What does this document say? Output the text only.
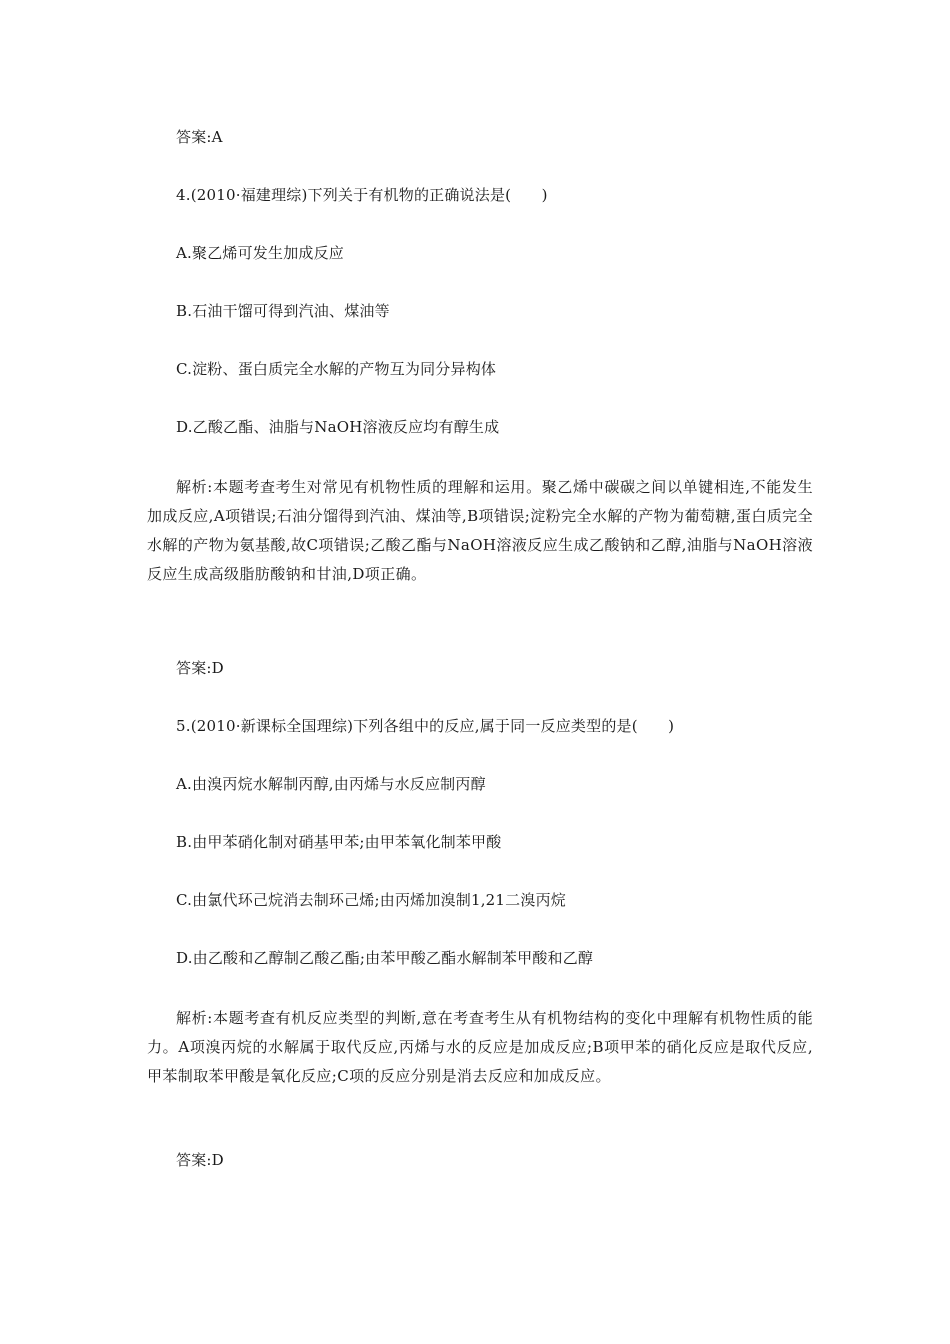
答案:A
4.(2010·福建理综)下列关于有机物的正确说法是(　　)
A.聚乙烯可发生加成反应
B.石油干馏可得到汽油、煤油等
C.淀粉、蛋白质完全水解的产物互为同分异构体
D.乙酸乙酯、油脂与NaOH溶液反应均有醇生成
解析:本题考查考生对常见有机物性质的理解和运用。聚乙烯中碳碳之间以单键相连,不能发生加成反应,A项错误;石油分馏得到汽油、煤油等,B项错误;淀粉完全水解的产物为葡萄糖,蛋白质完全水解的产物为氨基酸,故C项错误;乙酸乙酯与NaOH溶液反应生成乙酸钠和乙醇,油脂与NaOH溶液反应生成高级脂肪酸钠和甘油,D项正确。
答案:D
5.(2010·新课标全国理综)下列各组中的反应,属于同一反应类型的是(　　)
A.由溴丙烷水解制丙醇,由丙烯与水反应制丙醇
B.由甲苯硝化制对硝基甲苯;由甲苯氧化制苯甲酸
C.由氯代环己烷消去制环己烯;由丙烯加溴制1,21二溴丙烷
D.由乙酸和乙醇制乙酸乙酯;由苯甲酸乙酯水解制苯甲酸和乙醇
解析:本题考查有机反应类型的判断,意在考查考生从有机物结构的变化中理解有机物性质的能力。A项溴丙烷的水解属于取代反应,丙烯与水的反应是加成反应;B项甲苯的硝化反应是取代反应,甲苯制取苯甲酸是氧化反应;C项的反应分别是消去反应和加成反应。
答案:D
